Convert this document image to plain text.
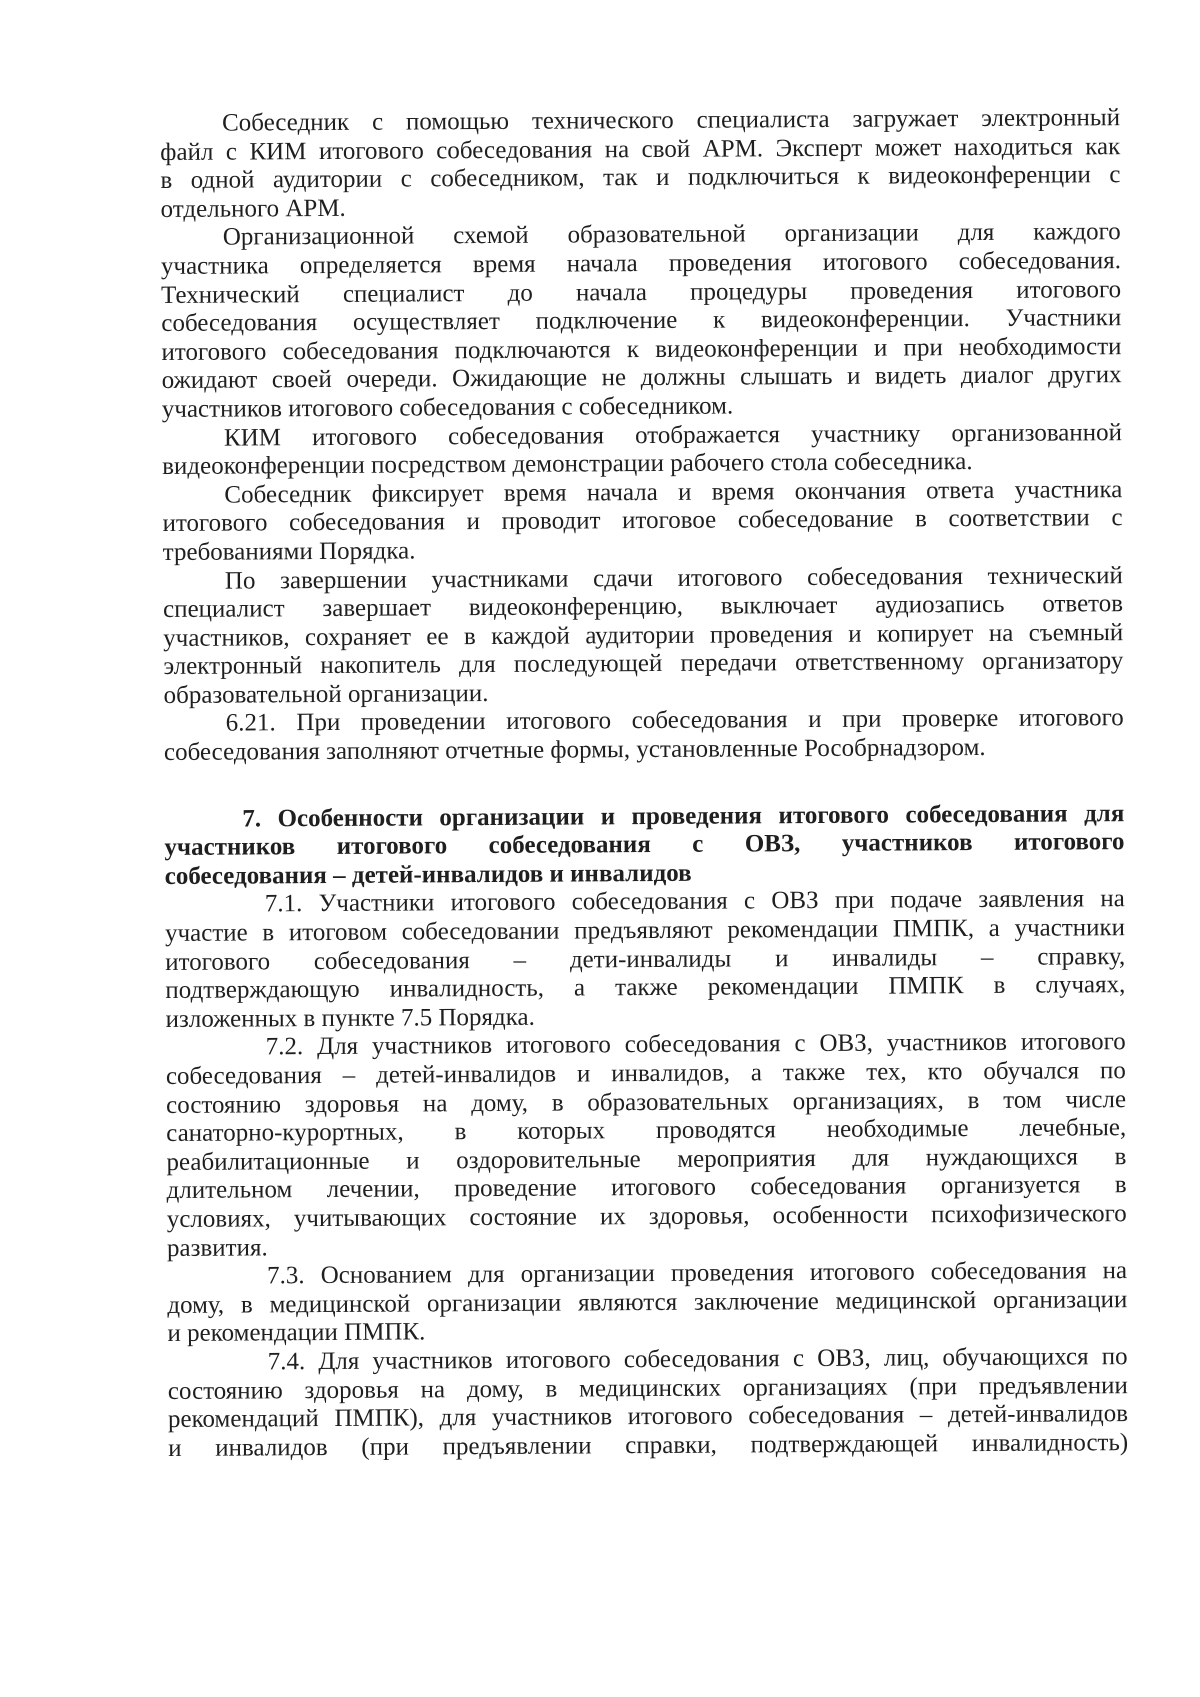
Собеседник с помощью технического специалиста загружает электронный
файл с КИМ итогового собеседования на свой АРМ. Эксперт может находиться как
в одной аудитории с собеседником, так и подключиться к видеоконференции с
отдельного АРМ.
Организационной схемой образовательной организации для каждого
участника определяется время начала проведения итогового собеседования.
Технический специалист до начала процедуры проведения итогового
собеседования осуществляет подключение к видеоконференции. Участники
итогового собеседования подключаются к видеоконференции и при необходимости
ожидают своей очереди. Ожидающие не должны слышать и видеть диалог других
участников итогового собеседования с собеседником.
КИМ итогового собеседования отображается участнику организованной
видеоконференции посредством демонстрации рабочего стола собеседника.
Собеседник фиксирует время начала и время окончания ответа участника
итогового собеседования и проводит итоговое собеседование в соответствии с
требованиями Порядка.
По завершении участниками сдачи итогового собеседования технический
специалист завершает видеоконференцию, выключает аудиозапись ответов
участников, сохраняет ее в каждой аудитории проведения и копирует на съемный
электронный накопитель для последующей передачи ответственному организатору
образовательной организации.
6.21. При проведении итогового собеседования и при проверке итогового
собеседования заполняют отчетные формы, установленные Рособрнадзором.
7. Особенности организации и проведения итогового собеседования для
участников итогового собеседования с ОВЗ, участников итогового
собеседования – детей-инвалидов и инвалидов
7.1. Участники итогового собеседования с ОВЗ при подаче заявления на
участие в итоговом собеседовании предъявляют рекомендации ПМПК, а участники
итогового собеседования – дети-инвалиды и инвалиды – справку,
подтверждающую инвалидность, а также рекомендации ПМПК в случаях,
изложенных в пункте 7.5 Порядка.
7.2. Для участников итогового собеседования с ОВЗ, участников итогового
собеседования – детей-инвалидов и инвалидов, а также тех, кто обучался по
состоянию здоровья на дому, в образовательных организациях, в том числе
санаторно-курортных, в которых проводятся необходимые лечебные,
реабилитационные и оздоровительные мероприятия для нуждающихся в
длительном лечении, проведение итогового собеседования организуется в
условиях, учитывающих состояние их здоровья, особенности психофизического
развития.
7.3. Основанием для организации проведения итогового собеседования на
дому, в медицинской организации являются заключение медицинской организации
и рекомендации ПМПК.
7.4. Для участников итогового собеседования с ОВЗ, лиц, обучающихся по
состоянию здоровья на дому, в медицинских организациях (при предъявлении
рекомендаций ПМПК), для участников итогового собеседования – детей-инвалидов
и инвалидов (при предъявлении справки, подтверждающей инвалидность)
